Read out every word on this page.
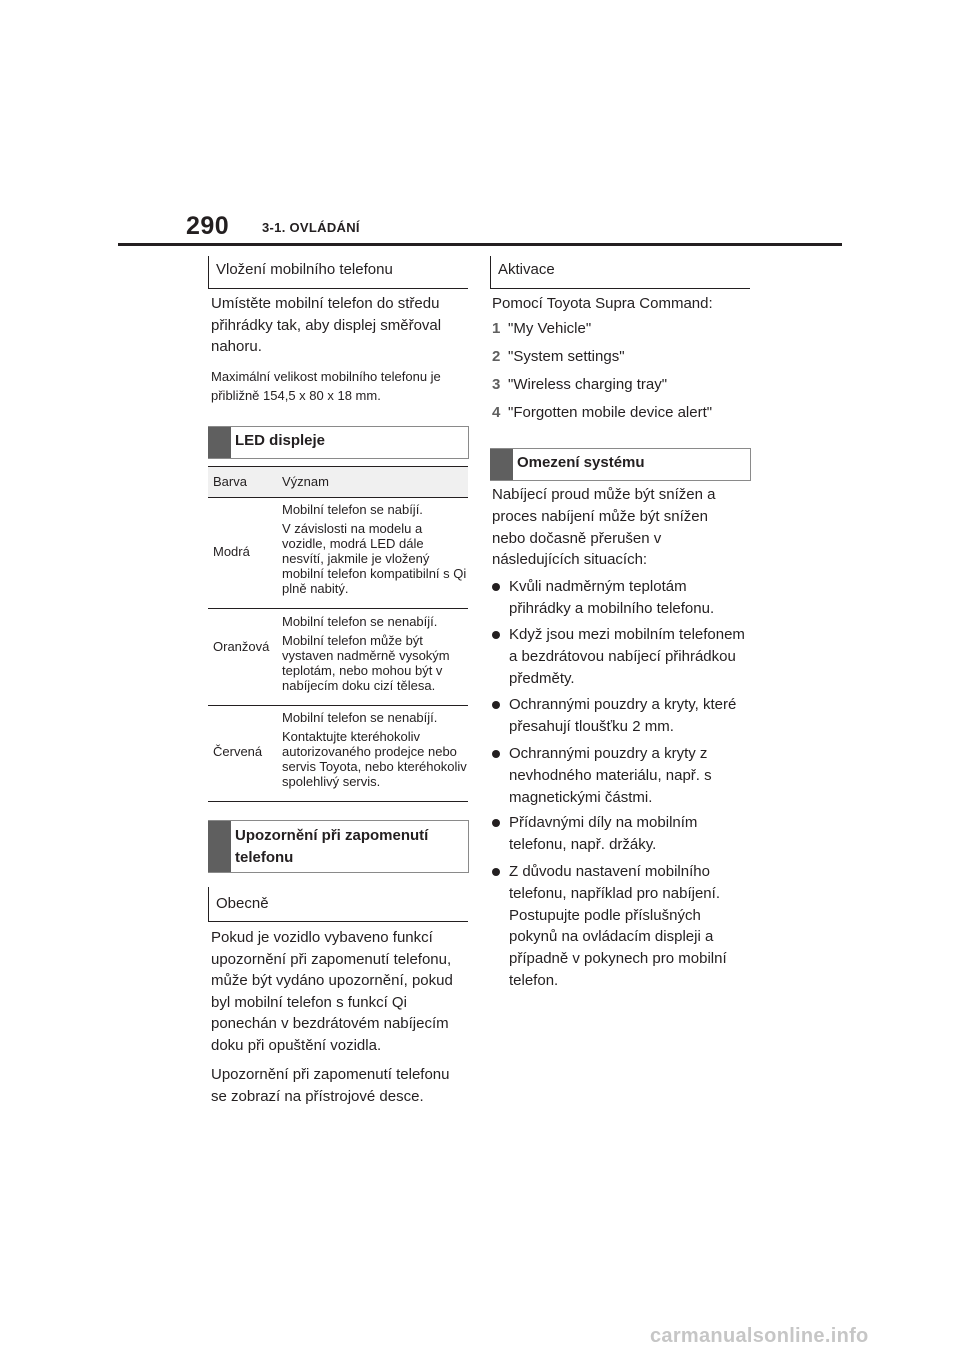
290	3-1. OVLÁDÁNÍ
Vložení mobilního telefonu
Umístěte mobilní telefon do středu přihrádky tak, aby displej směřoval nahoru.
Maximální velikost mobilního telefonu je přibližně 154,5 x 80 x 18 mm.
LED displeje
Barva	Význam
Modrá

Mobilní telefon se nabíjí.

V závislosti na modelu a vozidle, modrá LED dále nesvítí, jakmile je vložený mobilní telefon kompatibilní s Qi plně nabitý.

Oranžová

Mobilní telefon se nenabíjí.

Mobilní telefon může být vystaven nadměrně vysokým teplotám, nebo mohou být v nabíjecím doku cizí tělesa.

Červená

Mobilní telefon se nenabíjí.

Kontaktujte kteréhokoliv autorizovaného prodejce nebo servis Toyota, nebo kteréhokoliv spolehlivý servis.

Upozornění při zapomenutí telefonu
Obecně
Pokud je vozidlo vybaveno funkcí upozornění při zapomenutí telefonu, může být vydáno upozornění, pokud byl mobilní telefon s funkcí Qi ponechán v bezdrátovém nabíjecím doku při opuštění vozidla.
Upozornění při zapomenutí telefonu se zobrazí na přístrojové desce.
Aktivace
Pomocí Toyota Supra Command:
1 "My Vehicle"
2 "System settings"
3 "Wireless charging tray"
4 "Forgotten mobile device alert"
Omezení systému
Nabíjecí proud může být snížen a proces nabíjení může být snížen nebo dočasně přerušen v následujících situacích:
Kvůli nadměrným teplotám přihrádky a mobilního telefonu.
Když jsou mezi mobilním telefonem a bezdrátovou nabíjecí přihrádkou předměty.
Ochrannými pouzdry a kryty, které přesahují tloušťku 2 mm.
Ochrannými pouzdry a kryty z nevhodného materiálu, např. s magnetickými částmi.
Přídavnými díly na mobilním telefonu, např. držáky.
Z důvodu nastavení mobilního telefonu, například pro nabíjení. Postupujte podle příslušných pokynů na ovládacím displeji a případně v pokynech pro mobilní telefon.
carmanualsonline.info
